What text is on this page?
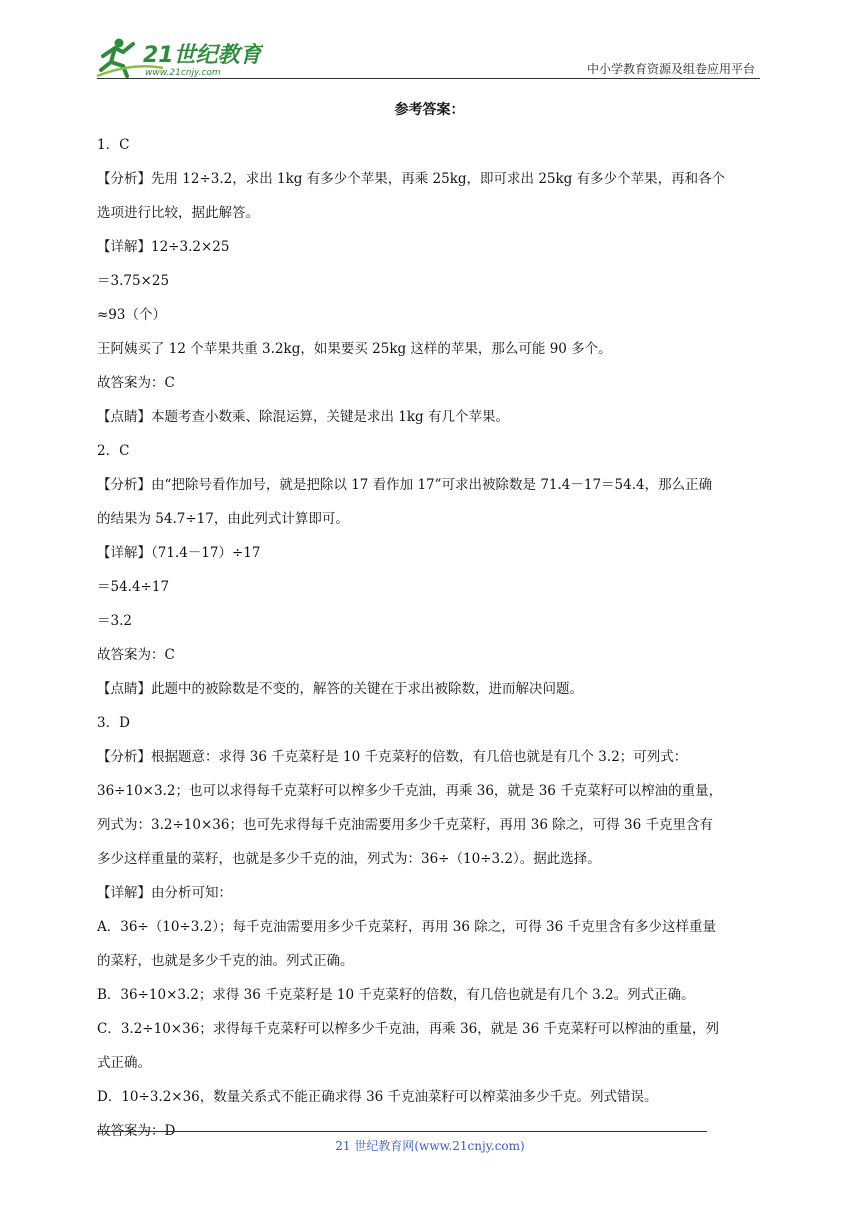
21世纪教育
www.21cnjy.com	中小学教育资源及组卷应用平台
参考答案：
1．C
【分析】先用 12÷3.2，求出 1kg 有多少个苹果，再乘 25kg，即可求出 25kg 有多少个苹果，再和各个
选项进行比较，据此解答。
【详解】12÷3.2×25
＝3.75×25
≈93（个）
王阿姨买了 12 个苹果共重 3.2kg，如果要买 25kg 这样的苹果，那么可能 90 多个。
故答案为：C
【点睛】本题考查小数乘、除混运算，关键是求出 1kg 有几个苹果。
2．C
【分析】由“把除号看作加号，就是把除以 17 看作加 17”可求出被除数是 71.4－17＝54.4，那么正确
的结果为 54.7÷17，由此列式计算即可。
【详解】（71.4－17）÷17
＝54.4÷17
＝3.2
故答案为：C
【点睛】此题中的被除数是不变的，解答的关键在于求出被除数，进而解决问题。
3．D
【分析】根据题意：求得 36 千克菜籽是 10 千克菜籽的倍数，有几倍也就是有几个 3.2；可列式：
36÷10×3.2；也可以求得每千克菜籽可以榨多少千克油，再乘 36，就是 36 千克菜籽可以榨油的重量，
列式为：3.2÷10×36；也可先求得每千克油需要用多少千克菜籽，再用 36 除之，可得 36 千克里含有
多少这样重量的菜籽，也就是多少千克的油，列式为：36÷（10÷3.2）。据此选择。
【详解】由分析可知：
A．36÷（10÷3.2）；每千克油需要用多少千克菜籽，再用 36 除之，可得 36 千克里含有多少这样重量
的菜籽，也就是多少千克的油。列式正确。
B．36÷10×3.2；求得 36 千克菜籽是 10 千克菜籽的倍数，有几倍也就是有几个 3.2。列式正确。
C．3.2÷10×36；求得每千克菜籽可以榨多少千克油，再乘 36，就是 36 千克菜籽可以榨油的重量，列
式正确。
D．10÷3.2×36，数量关系式不能正确求得 36 千克油菜籽可以榨菜油多少千克。列式错误。
故答案为：D
21 世纪教育网(www.21cnjy.com)
